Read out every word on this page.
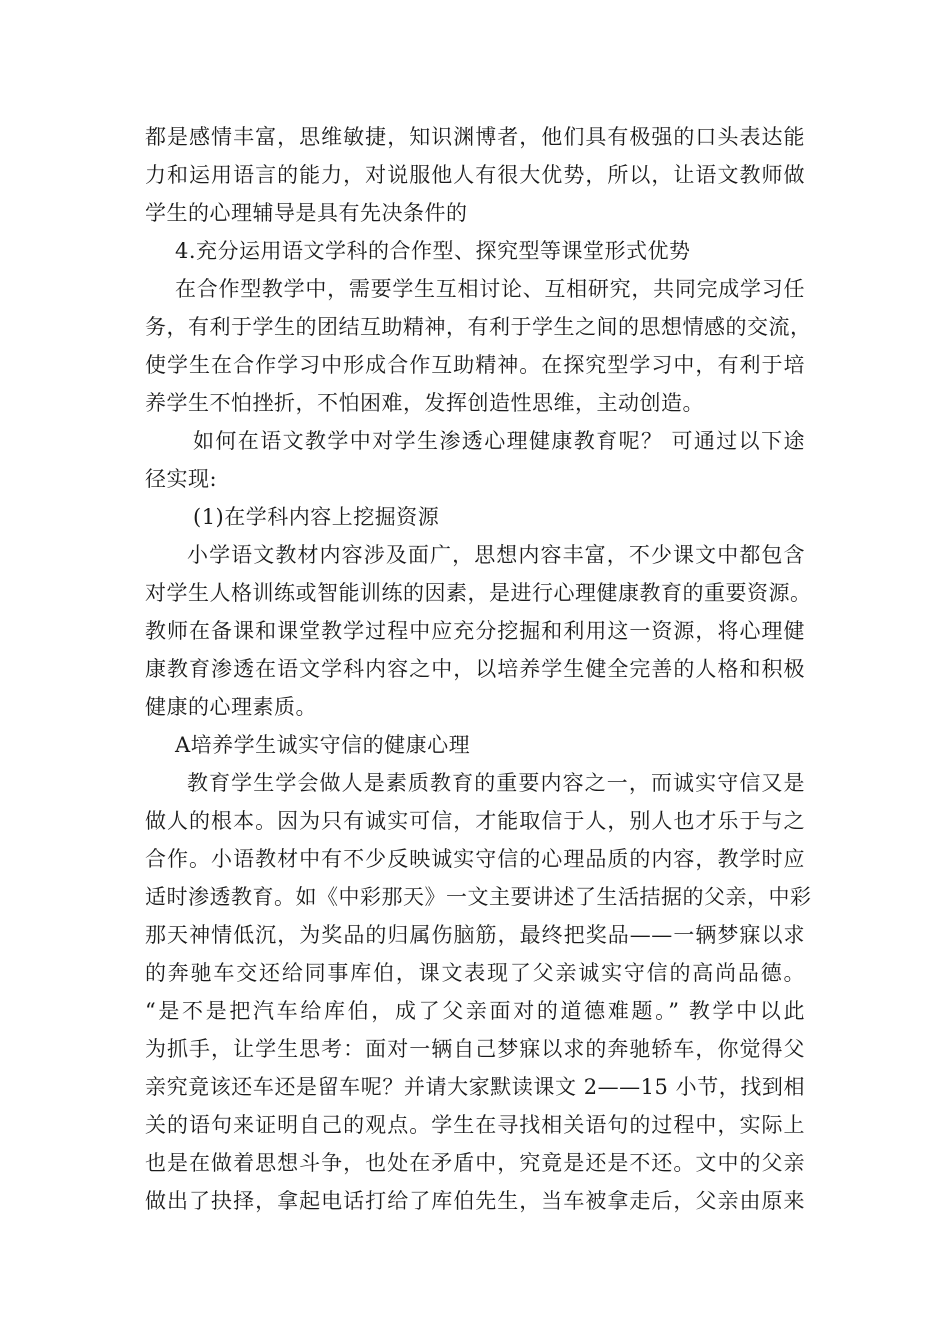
都是感情丰富，思维敏捷，知识渊博者，他们具有极强的口头表达能
力和运用语言的能力，对说服他人有很大优势，所以，让语文教师做
学生的心理辅导是具有先决条件的
4.充分运用语文学科的合作型、探究型等课堂形式优势
在合作型教学中，需要学生互相讨论、互相研究，共同完成学习任
务，有利于学生的团结互助精神，有利于学生之间的思想情感的交流，
使学生在合作学习中形成合作互助精神。在探究型学习中，有利于培
养学生不怕挫折，不怕困难，发挥创造性思维，主动创造。
如何在语文教学中对学生渗透心理健康教育呢？ 可通过以下途
径实现:
(1)在学科内容上挖掘资源
小学语文教材内容涉及面广，思想内容丰富，不少课文中都包含
对学生人格训练或智能训练的因素，是进行心理健康教育的重要资源。
教师在备课和课堂教学过程中应充分挖掘和利用这一资源，将心理健
康教育渗透在语文学科内容之中，以培养学生健全完善的人格和积极
健康的心理素质。
A培养学生诚实守信的健康心理
教育学生学会做人是素质教育的重要内容之一，而诚实守信又是
做人的根本。因为只有诚实可信，才能取信于人，别人也才乐于与之
合作。小语教材中有不少反映诚实守信的心理品质的内容，教学时应
适时渗透教育。如《中彩那天》一文主要讲述了生活拮据的父亲，中彩
那天神情低沉，为奖品的归属伤脑筋，最终把奖品——一辆梦寐以求
的奔驰车交还给同事库伯，课文表现了父亲诚实守信的高尚品德。
“是不是把汽车给库伯，成了父亲面对的道德难题。” 教学中以此
为抓手，让学生思考：面对一辆自己梦寐以求的奔驰轿车，你觉得父
亲究竟该还车还是留车呢？并请大家默读课文 2——15 小节，找到相
关的语句来证明自己的观点。学生在寻找相关语句的过程中，实际上
也是在做着思想斗争，也处在矛盾中，究竟是还是不还。文中的父亲
做出了抉择，拿起电话打给了库伯先生，当车被拿走后，父亲由原来
